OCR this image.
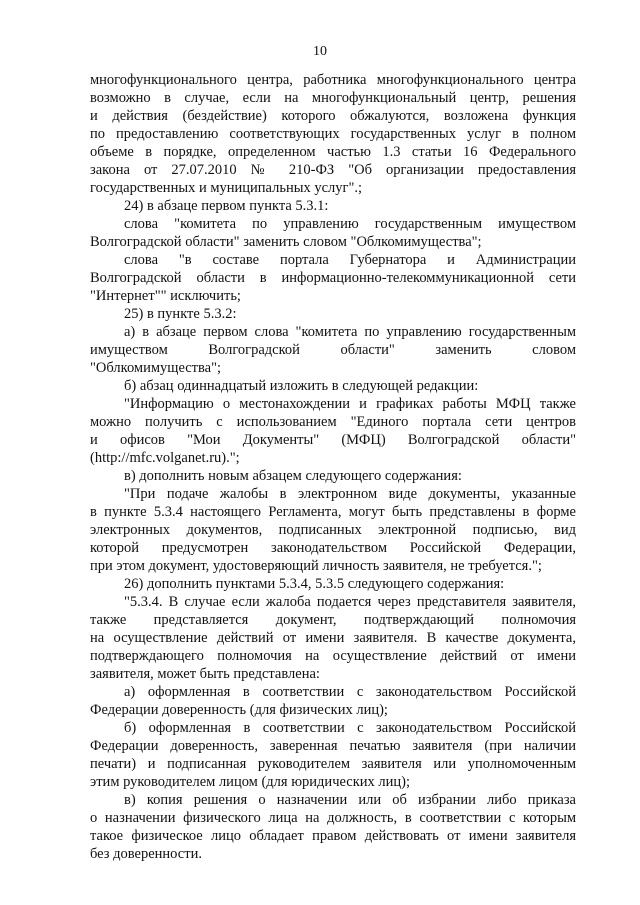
10
многофункционального центра, работника многофункционального центра
возможно в случае, если на многофункциональный центр, решения
и действия (бездействие) которого обжалуются, возложена функция
по предоставлению соответствующих государственных услуг в полном
объеме в порядке, определенном частью 1.3 статьи 16 Федерального
закона от 27.07.2010 № 210-ФЗ "Об организации предоставления
государственных и муниципальных услуг".;
24) в абзаце первом пункта 5.3.1:
слова "комитета по управлению государственным имуществом
Волгоградской области" заменить словом "Облкомимущества";
слова "в составе портала Губернатора и Администрации
Волгоградской области в информационно-телекоммуникационной сети
"Интернет"" исключить;
25) в пункте 5.3.2:
а) в абзаце первом слова "комитета по управлению государственным
имуществом Волгоградской области" заменить словом
"Облкомимущества";
б) абзац одиннадцатый изложить в следующей редакции:
"Информацию о местонахождении и графиках работы МФЦ также
можно получить с использованием "Единого портала сети центров
и офисов "Мои Документы" (МФЦ) Волгоградской области"
(http://mfc.volganet.ru).";
в) дополнить новым абзацем следующего содержания:
"При подаче жалобы в электронном виде документы, указанные
в пункте 5.3.4 настоящего Регламента, могут быть представлены в форме
электронных документов, подписанных электронной подписью, вид
которой предусмотрен законодательством Российской Федерации,
при этом документ, удостоверяющий личность заявителя, не требуется.";
26) дополнить пунктами 5.3.4, 5.3.5 следующего содержания:
"5.3.4. В случае если жалоба подается через представителя заявителя,
также представляется документ, подтверждающий полномочия
на осуществление действий от имени заявителя. В качестве документа,
подтверждающего полномочия на осуществление действий от имени
заявителя, может быть представлена:
а) оформленная в соответствии с законодательством Российской
Федерации доверенность (для физических лиц);
б) оформленная в соответствии с законодательством Российской
Федерации доверенность, заверенная печатью заявителя (при наличии
печати) и подписанная руководителем заявителя или уполномоченным
этим руководителем лицом (для юридических лиц);
в) копия решения о назначении или об избрании либо приказа
о назначении физического лица на должность, в соответствии с которым
такое физическое лицо обладает правом действовать от имени заявителя
без доверенности.
